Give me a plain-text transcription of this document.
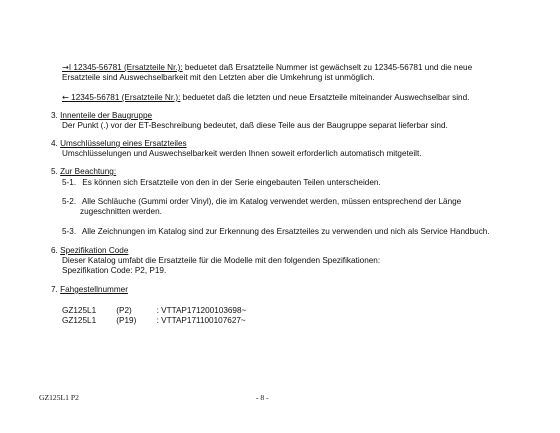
→I 12345-56781 (Ersatzteile Nr.): beduetet daß Ersatzteile Nummer ist gewächselt zu 12345-56781 und die neue
Ersatzteile sind Auswechselbarkeit mit den Letzten aber die Umkehrung ist unmöglich.
← 12345-56781 (Ersatzteile Nr.): beduetet daß die letzten und neue Ersatzteile miteinander Auswechselbar sind.
3. Innenteile der Baugruppe
Der Punkt (.) vor der ET-Beschreibung bedeutet, daß diese Teile aus der Baugruppe separat lieferbar sind.
4. Umschlüsselung eines Ersatzteiles
Umschlüsselungen und Auswechselbarkeit werden Ihnen soweit erforderlich automatisch mitgeteilt.
5. Zur Beachtung:
5-1. Es können sich Ersatzteile von den in der Serie eingebauten Teilen unterscheiden.
5-2. Alle Schläuche (Gummi order Vinyl), die im Katalog verwendet werden, müssen entsprechend der Länge
zugeschnitten werden.
5-3. Alle Zeichnungen im Katalog sind zur Erkennung des Ersatzteiles zu verwenden und nich als Service Handbuch.
6. Spezifikation Code
Dieser Katalog umfabt die Ersatzteile für die Modelle mit den folgenden Spezifikationen:
Spezifikation Code: P2, P19.
7. Fahgestellnummer
GZ125L1 (P2)	: VTTAP171200103698~
GZ125L1 (P19) : VTTAP171100107627~
GZ125L1 P2	- 8 -
